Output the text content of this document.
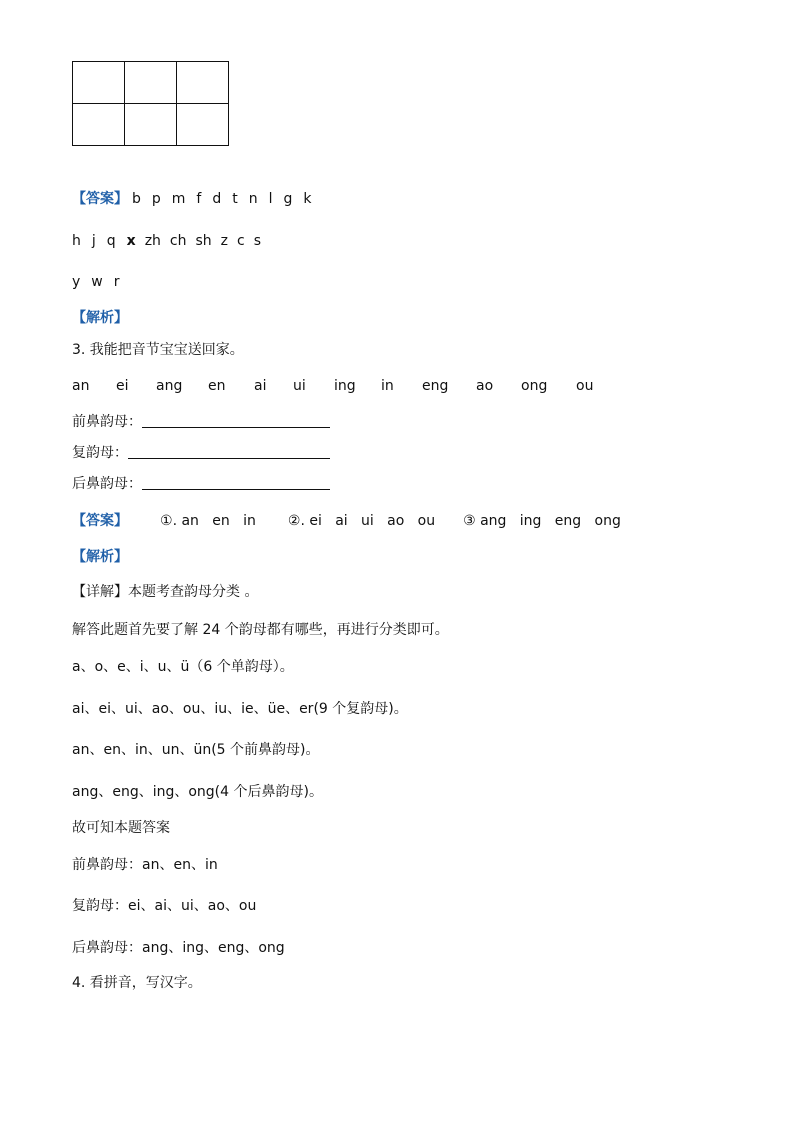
【答案】 b p m f d t n l g k
h j q x zh ch sh z c s
y w r
【解析】
3. 我能把音节宝宝送回家。
an ei ang en ai ui ing in eng ao ong ou
前鼻韵母：
复韵母：
后鼻韵母：
【答案】 ①. an   en   in ②. ei   ai   ui   ao   ou ③ ang   ing   eng   ong
【解析】
【详解】本题考查韵母分类 。
解答此题首先要了解 24 个韵母都有哪些，再进行分类即可。
a、o、e、i、u、ü（6 个单韵母）。
ai、ei、ui、ao、ou、iu、ie、üe、er(9 个复韵母)。
an、en、in、un、ün(5 个前鼻韵母)。
ang、eng、ing、ong(4 个后鼻韵母)。
故可知本题答案
前鼻韵母：an、en、in
复韵母：ei、ai、ui、ao、ou
后鼻韵母：ang、ing、eng、ong
4. 看拼音，写汉字。
